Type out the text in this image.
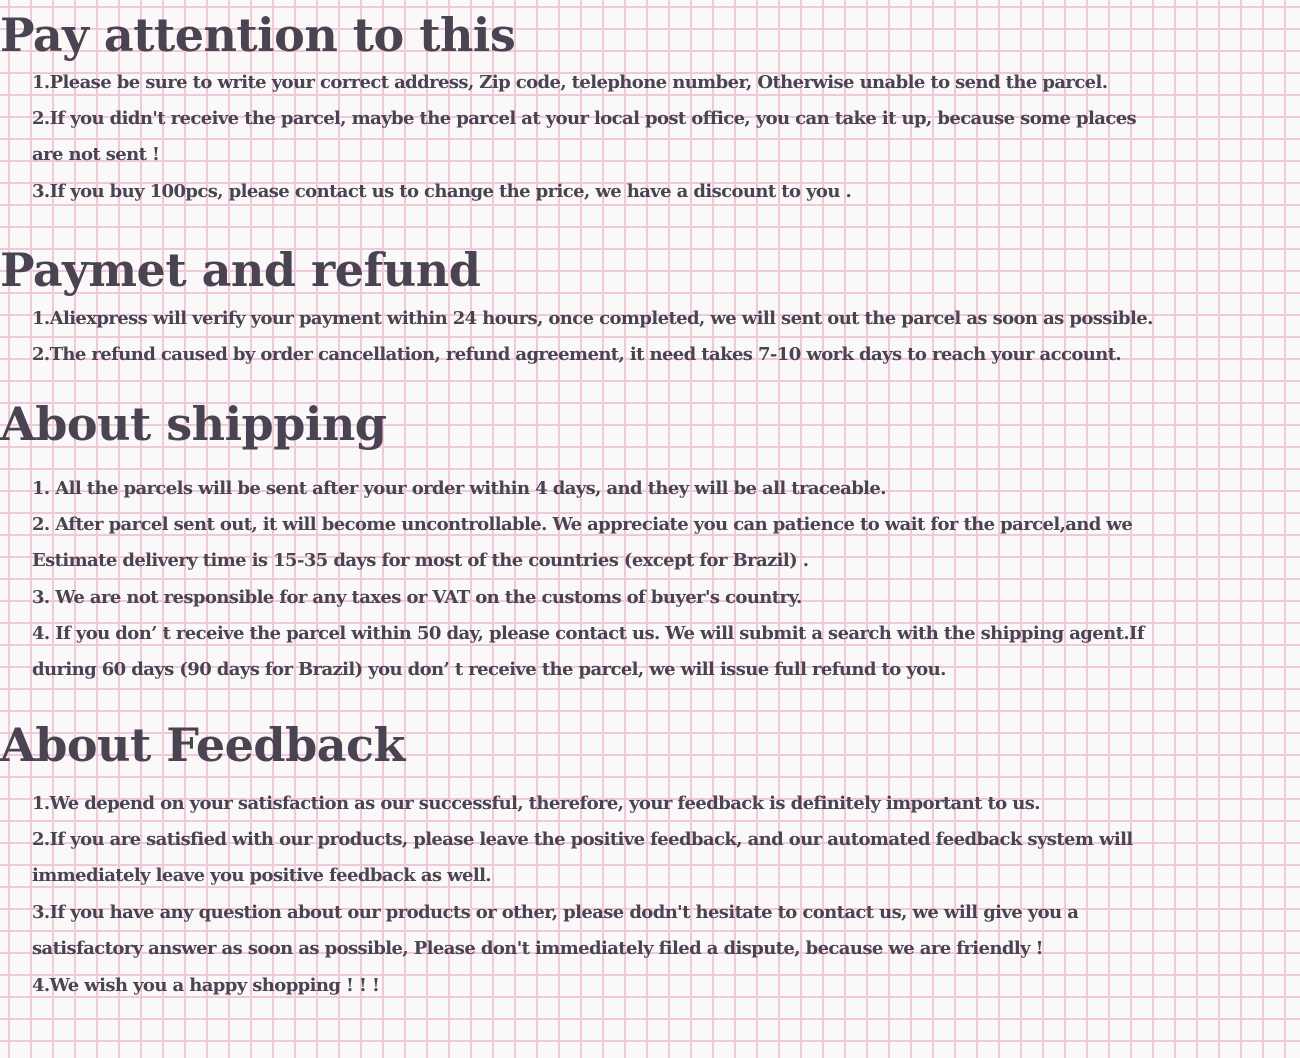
Pay attention to this

1.Please be sure to write your correct address, Zip code, telephone number, Otherwise unable to send the parcel.

2.If you didn't receive the parcel, maybe the parcel at your local post office, you can take it up, because some places

are not sent !

3.If you buy 100pcs, please contact us to change the price, we have a discount to you .

Paymet and refund

1.Aliexpress will verify your payment within 24 hours, once completed, we will sent out the parcel as soon as possible.

2.The refund caused by order cancellation, refund agreement, it need takes 7-10 work days to reach your account.

About shipping

1. All the parcels will be sent after your order within 4 days, and they will be all traceable.

2. After parcel sent out, it will become uncontrollable. We appreciate you can patience to wait for the parcel,and we

Estimate delivery time is 15-35 days for most of the countries (except for Brazil) .

3. We are not responsible for any taxes or VAT on the customs of buyer's country.

4. If you don’ t receive the parcel within 50 day, please contact us. We will submit a search with the shipping agent.If

during 60 days (90 days for Brazil) you don’ t receive the parcel, we will issue full refund to you.

About Feedback

1.We depend on your satisfaction as our successful, therefore, your feedback is definitely important to us.

2.If you are satisfied with our products, please leave the positive feedback, and our automated feedback system will

immediately leave you positive feedback as well.

3.If you have any question about our products or other, please dodn't hesitate to contact us, we will give you a

satisfactory answer as soon as possible, Please don't immediately filed a dispute, because we are friendly !

4.We wish you a happy shopping ! ! !
